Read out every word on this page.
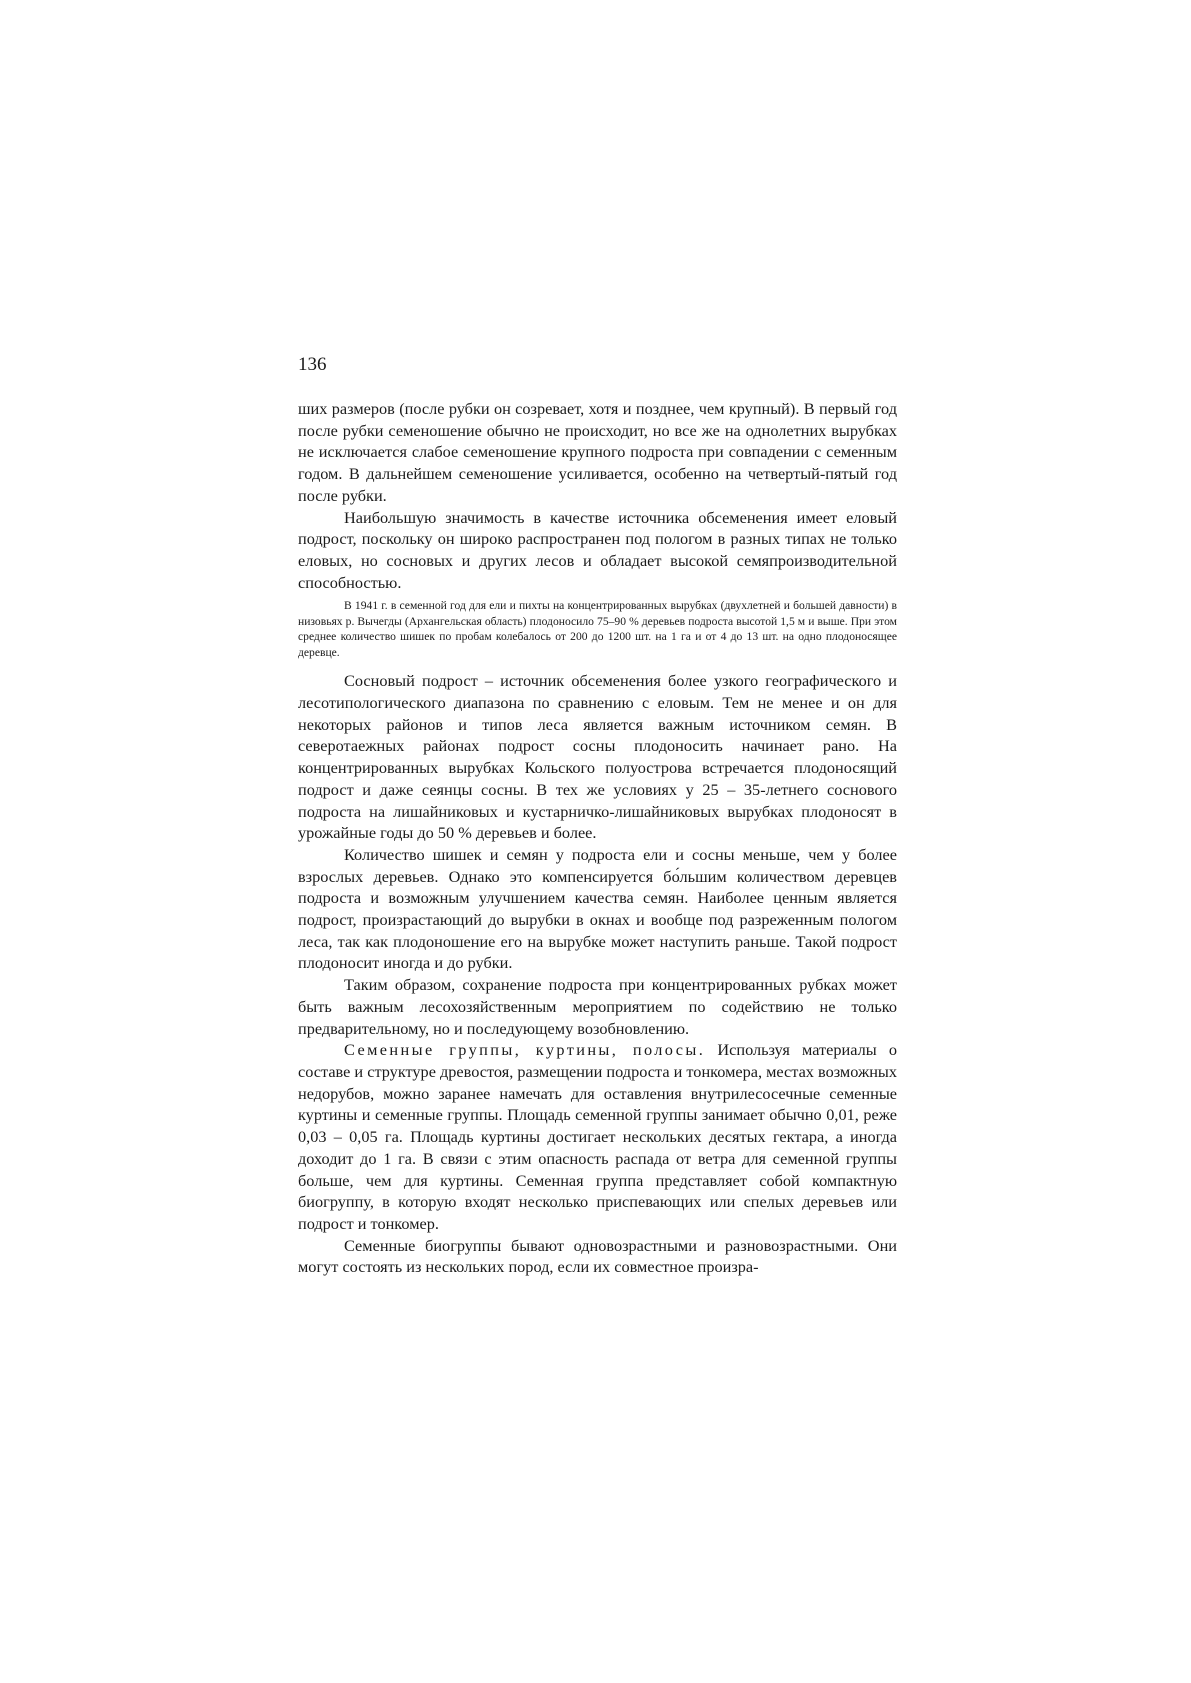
136

ших размеров (после рубки он созревает, хотя и позднее, чем крупный). В первый год после рубки семеношение обычно не происходит, но все же на однолетних вырубках не исключается слабое семеношение крупного подроста при совпадении с семенным годом. В дальнейшем семеношение усиливается, особенно на четвертый-пятый год после рубки.

Наибольшую значимость в качестве источника обсеменения имеет еловый подрост, поскольку он широко распространен под пологом в разных типах не только еловых, но сосновых и других лесов и обладает высокой семяпроизводительной способностью.

В 1941 г. в семенной год для ели и пихты на концентрированных вырубках (двухлетней и большей давности) в низовьях р. Вычегды (Архангельская область) плодоносило 75–90 % деревьев подроста высотой 1,5 м и выше. При этом среднее количество шишек по пробам колебалось от 200 до 1200 шт. на 1 га и от 4 до 13 шт. на одно плодоносящее деревце.

Сосновый подрост – источник обсеменения более узкого географического и лесотипологического диапазона по сравнению с еловым. Тем не менее и он для некоторых районов и типов леса является важным источником семян. В северотаежных районах подрост сосны плодоносить начинает рано. На концентрированных вырубках Кольского полуострова встречается плодоносящий подрост и даже сеянцы сосны. В тех же условиях у 25 – 35-летнего соснового подроста на лишайниковых и кустарничко-лишайниковых вырубках плодоносят в урожайные годы до 50 % деревьев и более.

Количество шишек и семян у подроста ели и сосны меньше, чем у более взрослых деревьев. Однако это компенсируется бо́льшим количеством деревцев подроста и возможным улучшением качества семян. Наиболее ценным является подрост, произрастающий до вырубки в окнах и вообще под разреженным пологом леса, так как плодоношение его на вырубке может наступить раньше. Такой подрост плодоносит иногда и до рубки.

Таким образом, сохранение подроста при концентрированных рубках может быть важным лесохозяйственным мероприятием по содействию не только предварительному, но и последующему возобновлению.

Семенные группы, куртины, полосы. Используя материалы о составе и структуре древостоя, размещении подроста и тонкомера, местах возможных недорубов, можно заранее намечать для оставления внутрилесосечные семенные куртины и семенные группы. Площадь семенной группы занимает обычно 0,01, реже 0,03 – 0,05 га. Площадь куртины достигает нескольких десятых гектара, а иногда доходит до 1 га. В связи с этим опасность распада от ветра для семенной группы больше, чем для куртины. Семенная группа представляет собой компактную биогруппу, в которую входят несколько приспевающих или спелых деревьев или подрост и тонкомер.

Семенные биогруппы бывают одновозрастными и разновозрастными. Они могут состоять из нескольких пород, если их совместное произра-
